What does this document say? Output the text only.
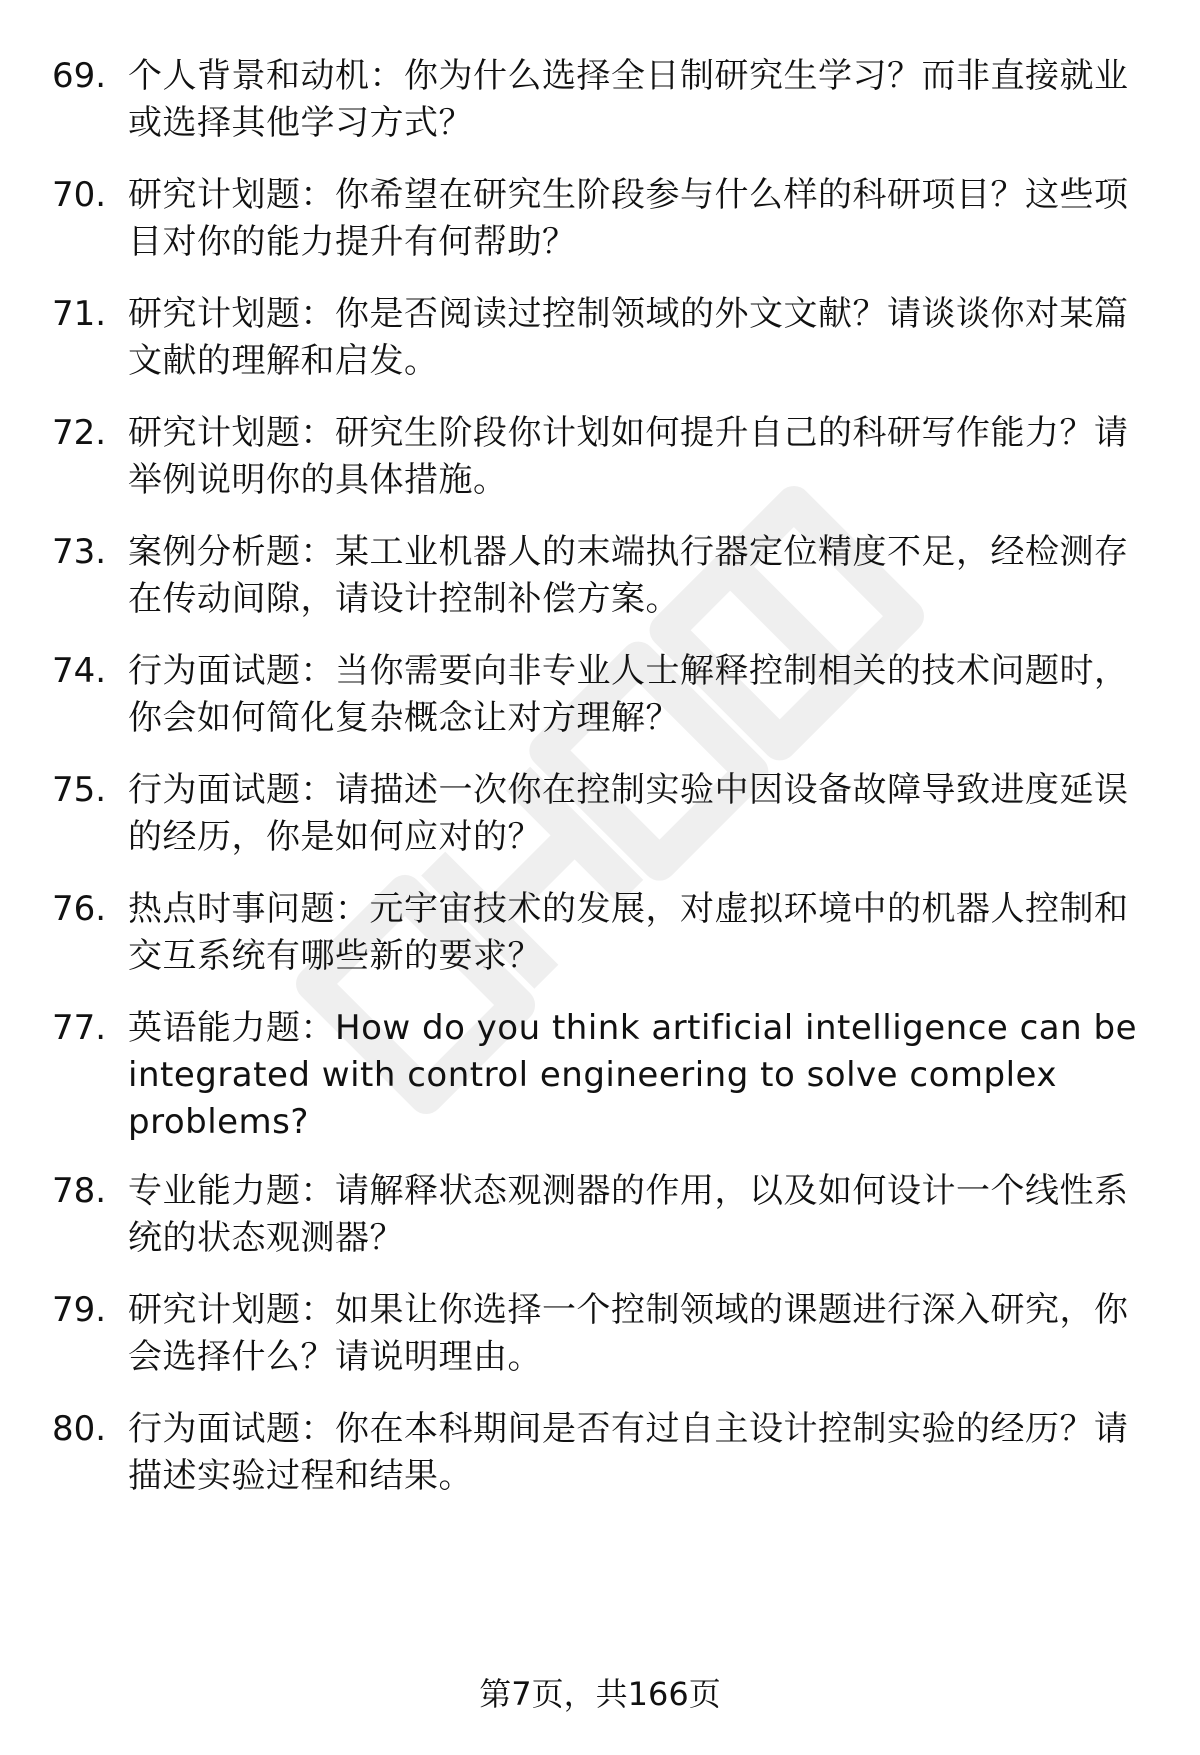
69. 个人背景和动机：你为什么选择全日制研究生学习？而非直接就业或选择其他学习方式？
70. 研究计划题：你希望在研究生阶段参与什么样的科研项目？这些项目对你的能力提升有何帮助？
71. 研究计划题：你是否阅读过控制领域的外文文献？请谈谈你对某篇文献的理解和启发。
72. 研究计划题：研究生阶段你计划如何提升自己的科研写作能力？请举例说明你的具体措施。
73. 案例分析题：某工业机器人的末端执行器定位精度不足，经检测存在传动间隙，请设计控制补偿方案。
74. 行为面试题：当你需要向非专业人士解释控制相关的技术问题时，你会如何简化复杂概念让对方理解？
75. 行为面试题：请描述一次你在控制实验中因设备故障导致进度延误的经历，你是如何应对的？
76. 热点时事问题：元宇宙技术的发展，对虚拟环境中的机器人控制和交互系统有哪些新的要求？
77. 英语能力题：How do you think artificial intelligence can be integrated with control engineering to solve complex problems?
78. 专业能力题：请解释状态观测器的作用，以及如何设计一个线性系统的状态观测器？
79. 研究计划题：如果让你选择一个控制领域的课题进行深入研究，你会选择什么？请说明理由。
80. 行为面试题：你在本科期间是否有过自主设计控制实验的经历？请描述实验过程和结果。
第7页，共166页
